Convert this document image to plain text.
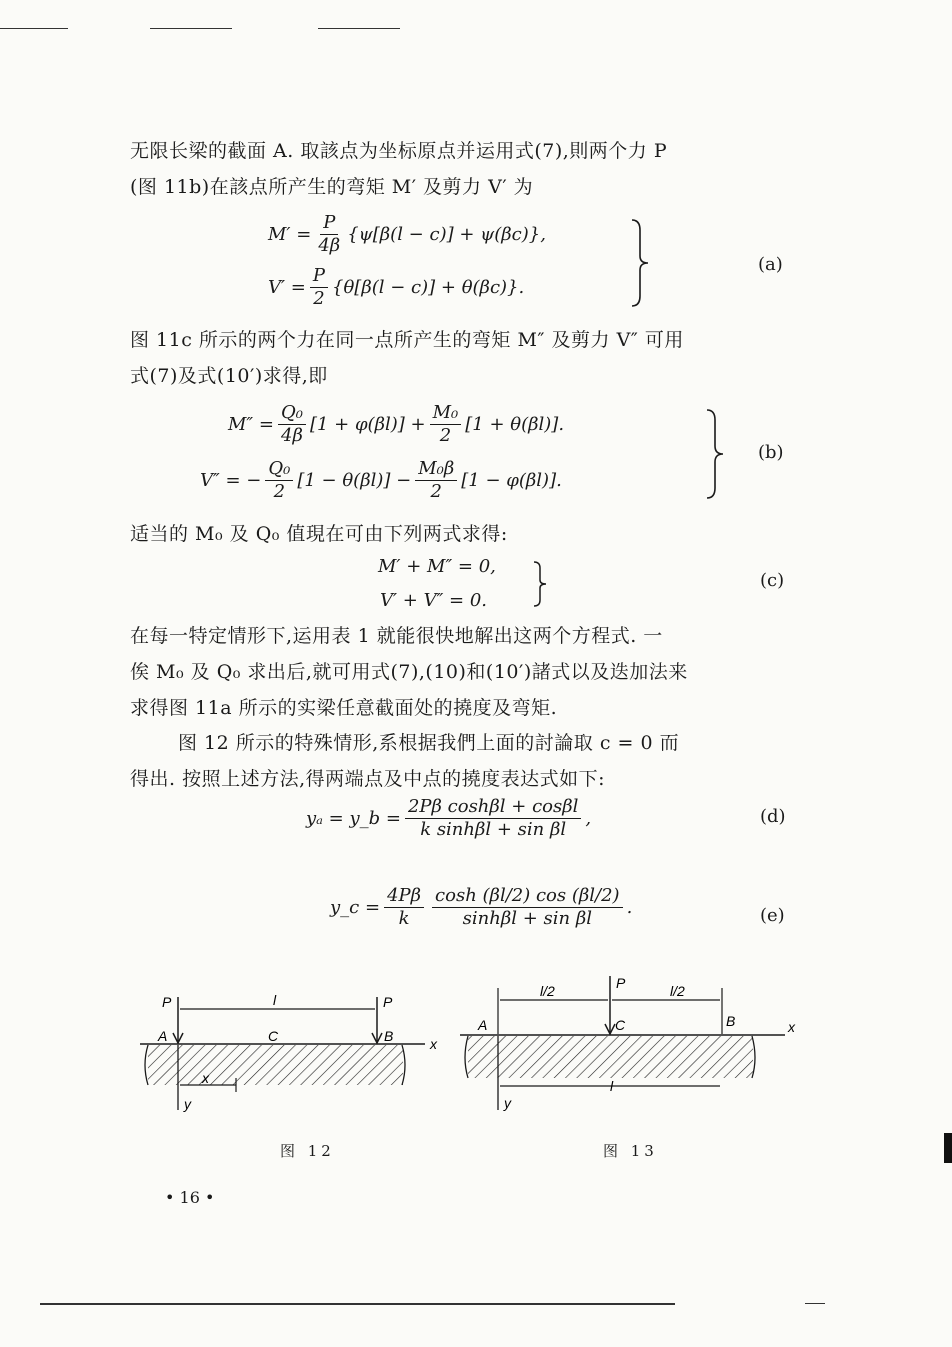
无限长梁的截面 A. 取該点为坐标原点并运用式(7),則两个力 P
(图 11b)在該点所产生的弯矩 M′ 及剪力 V′ 为
$M' = \frac{P}{4\beta} \{\psi[\beta(l - c)] + \psi(\beta c)\}$,
$V' = \frac{P}{2} \{\theta[\beta(l - c)] + \theta(\beta c)\}$.
(a)
图 11c 所示的两个力在同一点所产生的弯矩 M″ 及剪力 V″ 可用
式(7)及式(10′)求得,即
$M'' = \frac{\text{Q₀}}{4\beta} [1 + \varphi(\beta l)] + \frac{\text{M₀}}{2} [1 + \theta(\beta l)]$.
V″ = − $\frac{\text{Q₀}}{2} [1 - \theta(\beta l)] - \frac{\text{M₀β}}{2} [1 - \varphi(\beta l)]$.
(b)
适当的 M₀ 及 Q₀ 值現在可由下列两式求得:
M′ + M″ = 0,
V′ + V″ = 0.
(c)
在每一特定情形下,运用表 1 就能很快地解出这两个方程式. 一
俟 M₀ 及 Q₀ 求出后,就可用式(7),(10)和(10′)諸式以及迭加法来
求得图 11a 所示的实梁任意截面处的撓度及弯矩.
图 12 所示的特殊情形,系根据我們上面的討論取 c = 0 而
得出. 按照上述方法,得两端点及中点的撓度表达式如下:
yₐ = y_b = $\frac{\text{2Pβ coshβl + cosβl}}{\text{k sinhβl + sin βl}}$ ,	(d)
y_c = $\frac{4P\beta}{k} \frac{\cosh (\beta l/2) \cos (\beta l/2)}{\text{sinhβl + sin βl}}$ .	(e)
P	P
l
A	C	B	x
x
y
图 12
P
l/2	l/2
A	C	B	x
l
y
图 13
• 16 •
